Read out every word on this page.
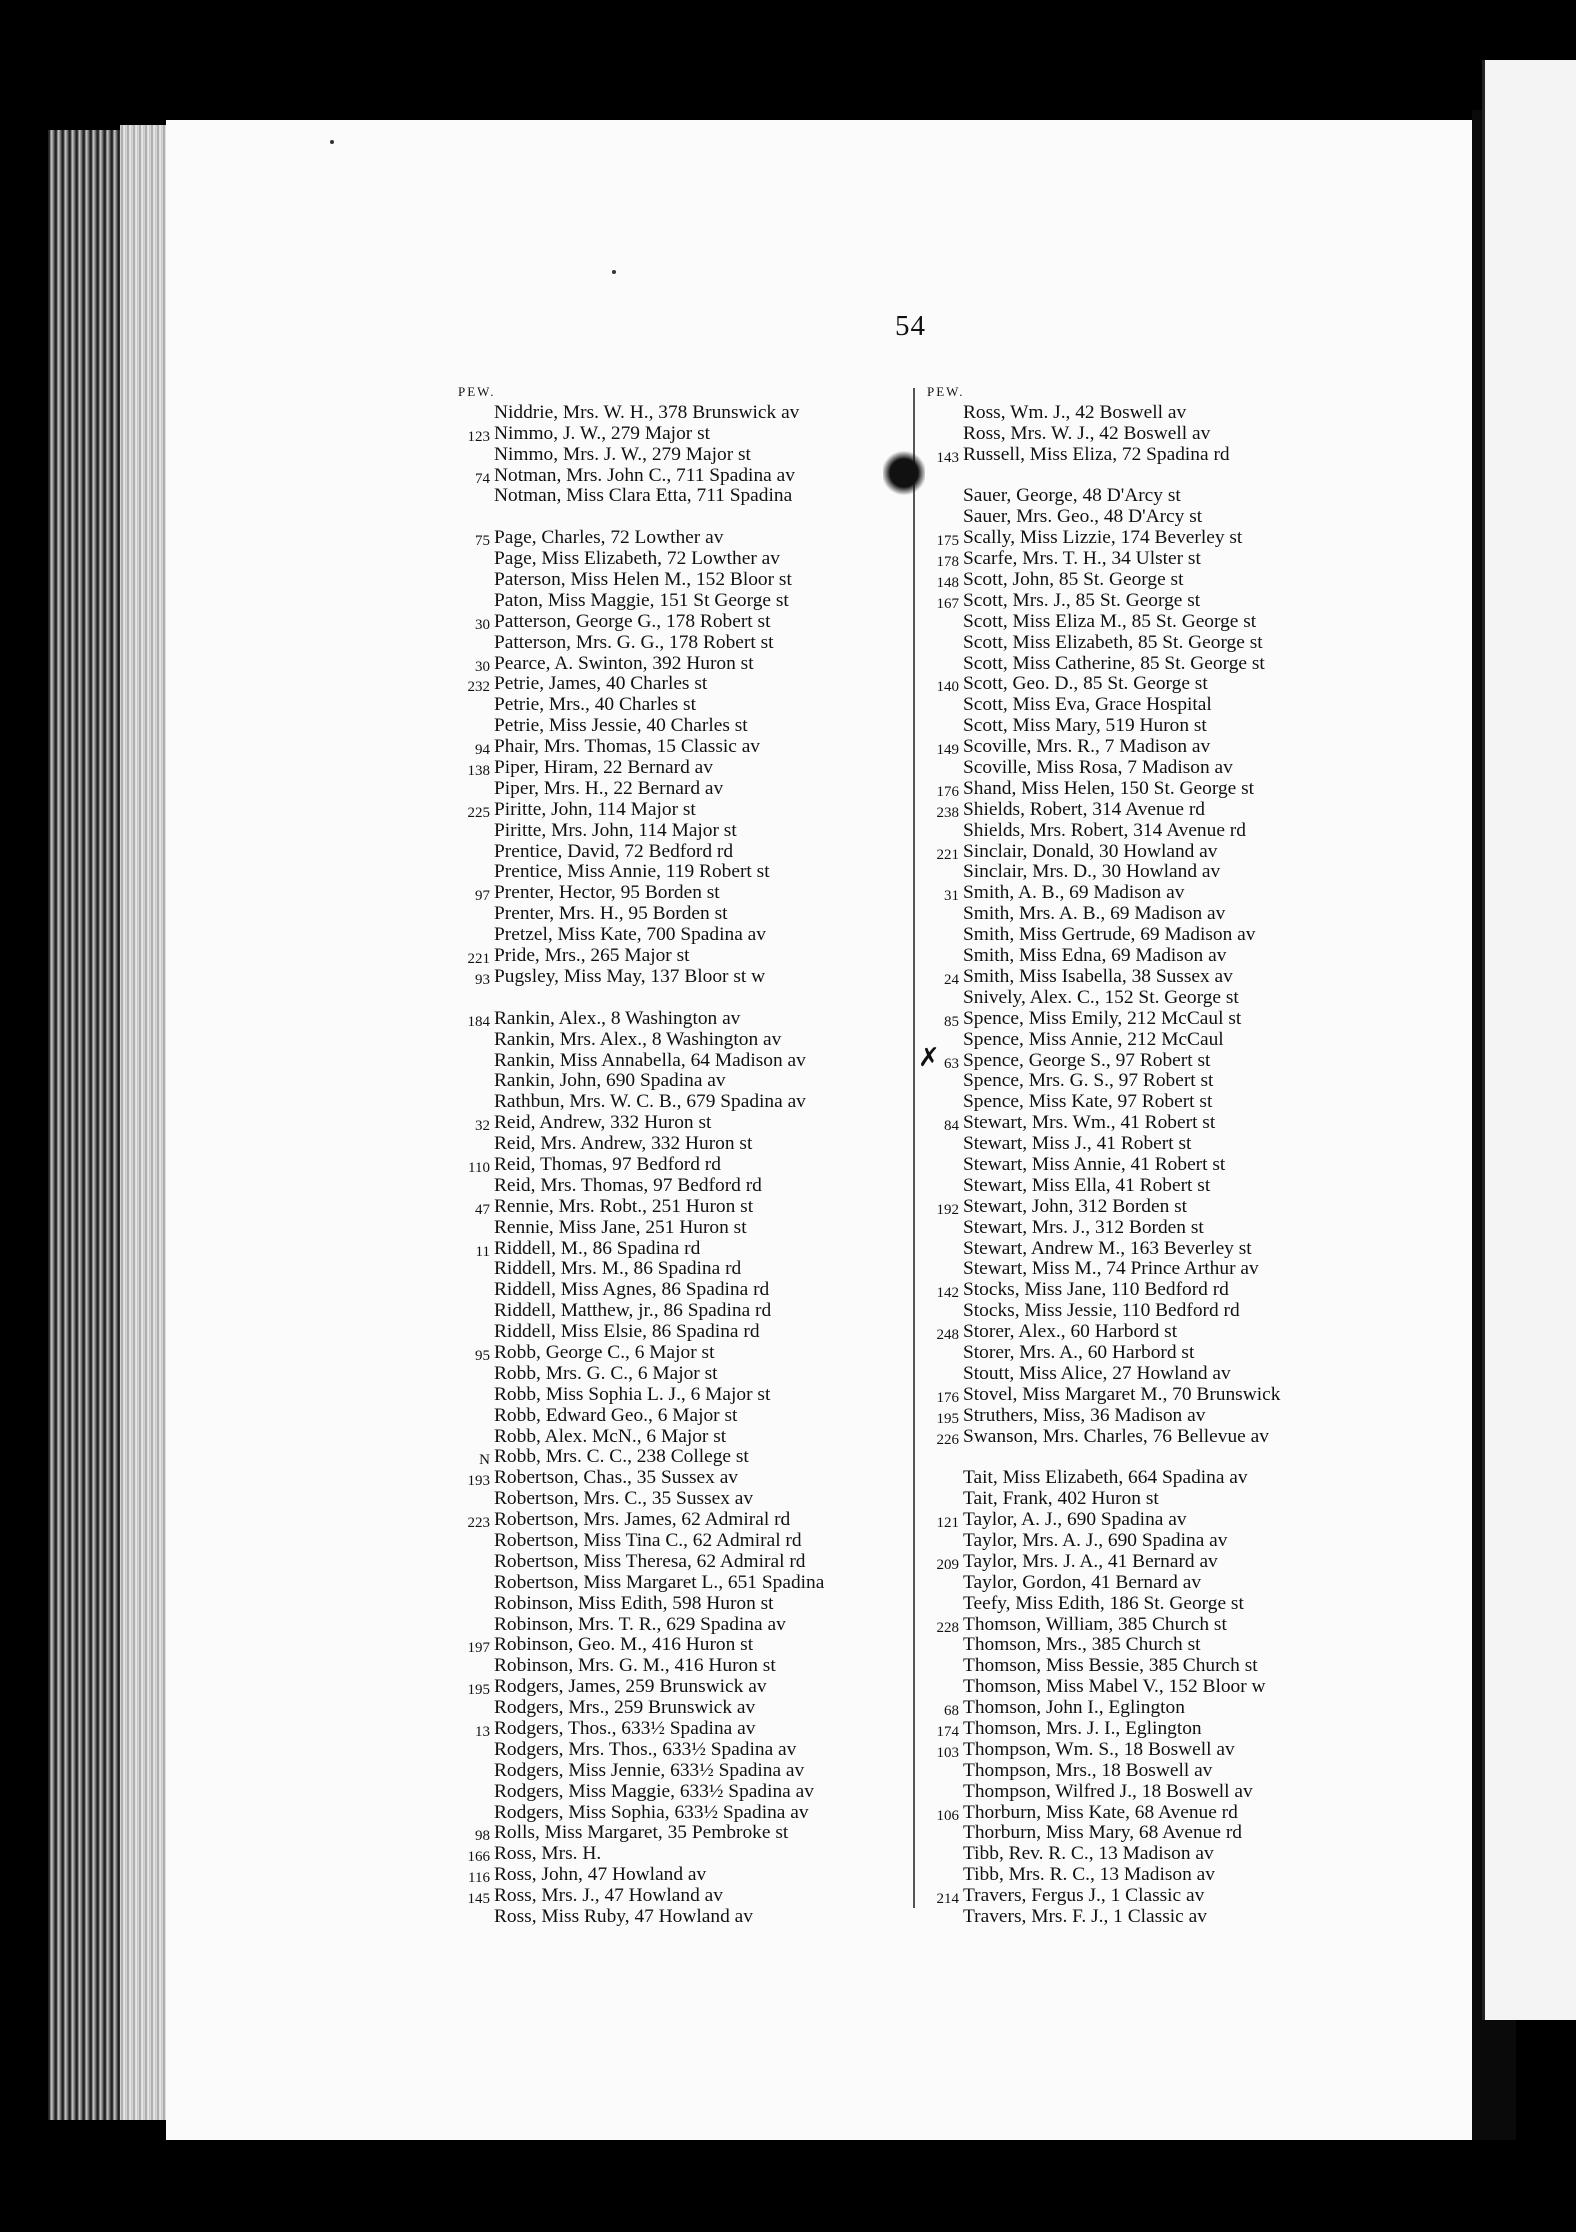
54
✗
PEW.
Niddrie, Mrs. W. H., 378 Brunswick av
123 Nimmo, J. W., 279 Major st
Nimmo, Mrs. J. W., 279 Major st
74 Notman, Mrs. John C., 711 Spadina av
Notman, Miss Clara Etta, 711 Spadina
75 Page, Charles, 72 Lowther av
Page, Miss Elizabeth, 72 Lowther av
Paterson, Miss Helen M., 152 Bloor st
Paton, Miss Maggie, 151 St George st
30 Patterson, George G., 178 Robert st
Patterson, Mrs. G. G., 178 Robert st
30 Pearce, A. Swinton, 392 Huron st
232 Petrie, James, 40 Charles st
Petrie, Mrs., 40 Charles st
Petrie, Miss Jessie, 40 Charles st
94 Phair, Mrs. Thomas, 15 Classic av
138 Piper, Hiram, 22 Bernard av
Piper, Mrs. H., 22 Bernard av
225 Piritte, John, 114 Major st
Piritte, Mrs. John, 114 Major st
Prentice, David, 72 Bedford rd
Prentice, Miss Annie, 119 Robert st
97 Prenter, Hector, 95 Borden st
Prenter, Mrs. H., 95 Borden st
Pretzel, Miss Kate, 700 Spadina av
221 Pride, Mrs., 265 Major st
93 Pugsley, Miss May, 137 Bloor st w
184 Rankin, Alex., 8 Washington av
Rankin, Mrs. Alex., 8 Washington av
Rankin, Miss Annabella, 64 Madison av
Rankin, John, 690 Spadina av
Rathbun, Mrs. W. C. B., 679 Spadina av
32 Reid, Andrew, 332 Huron st
Reid, Mrs. Andrew, 332 Huron st
110 Reid, Thomas, 97 Bedford rd
Reid, Mrs. Thomas, 97 Bedford rd
47 Rennie, Mrs. Robt., 251 Huron st
Rennie, Miss Jane, 251 Huron st
11 Riddell, M., 86 Spadina rd
Riddell, Mrs. M., 86 Spadina rd
Riddell, Miss Agnes, 86 Spadina rd
Riddell, Matthew, jr., 86 Spadina rd
Riddell, Miss Elsie, 86 Spadina rd
95 Robb, George C., 6 Major st
Robb, Mrs. G. C., 6 Major st
Robb, Miss Sophia L. J., 6 Major st
Robb, Edward Geo., 6 Major st
Robb, Alex. McN., 6 Major st
N Robb, Mrs. C. C., 238 College st
193 Robertson, Chas., 35 Sussex av
Robertson, Mrs. C., 35 Sussex av
223 Robertson, Mrs. James, 62 Admiral rd
Robertson, Miss Tina C., 62 Admiral rd
Robertson, Miss Theresa, 62 Admiral rd
Robertson, Miss Margaret L., 651 Spadina
Robinson, Miss Edith, 598 Huron st
Robinson, Mrs. T. R., 629 Spadina av
197 Robinson, Geo. M., 416 Huron st
Robinson, Mrs. G. M., 416 Huron st
195 Rodgers, James, 259 Brunswick av
Rodgers, Mrs., 259 Brunswick av
13 Rodgers, Thos., 633½ Spadina av
Rodgers, Mrs. Thos., 633½ Spadina av
Rodgers, Miss Jennie, 633½ Spadina av
Rodgers, Miss Maggie, 633½ Spadina av
Rodgers, Miss Sophia, 633½ Spadina av
98 Rolls, Miss Margaret, 35 Pembroke st
166 Ross, Mrs. H.
116 Ross, John, 47 Howland av
145 Ross, Mrs. J., 47 Howland av
Ross, Miss Ruby, 47 Howland av
PEW.
Ross, Wm. J., 42 Boswell av
Ross, Mrs. W. J., 42 Boswell av
143 Russell, Miss Eliza, 72 Spadina rd
Sauer, George, 48 D'Arcy st
Sauer, Mrs. Geo., 48 D'Arcy st
175 Scally, Miss Lizzie, 174 Beverley st
178 Scarfe, Mrs. T. H., 34 Ulster st
148 Scott, John, 85 St. George st
167 Scott, Mrs. J., 85 St. George st
Scott, Miss Eliza M., 85 St. George st
Scott, Miss Elizabeth, 85 St. George st
Scott, Miss Catherine, 85 St. George st
140 Scott, Geo. D., 85 St. George st
Scott, Miss Eva, Grace Hospital
Scott, Miss Mary, 519 Huron st
149 Scoville, Mrs. R., 7 Madison av
Scoville, Miss Rosa, 7 Madison av
176 Shand, Miss Helen, 150 St. George st
238 Shields, Robert, 314 Avenue rd
Shields, Mrs. Robert, 314 Avenue rd
221 Sinclair, Donald, 30 Howland av
Sinclair, Mrs. D., 30 Howland av
31 Smith, A. B., 69 Madison av
Smith, Mrs. A. B., 69 Madison av
Smith, Miss Gertrude, 69 Madison av
Smith, Miss Edna, 69 Madison av
24 Smith, Miss Isabella, 38 Sussex av
Snively, Alex. C., 152 St. George st
85 Spence, Miss Emily, 212 McCaul st
Spence, Miss Annie, 212 McCaul
63 Spence, George S., 97 Robert st
Spence, Mrs. G. S., 97 Robert st
Spence, Miss Kate, 97 Robert st
84 Stewart, Mrs. Wm., 41 Robert st
Stewart, Miss J., 41 Robert st
Stewart, Miss Annie, 41 Robert st
Stewart, Miss Ella, 41 Robert st
192 Stewart, John, 312 Borden st
Stewart, Mrs. J., 312 Borden st
Stewart, Andrew M., 163 Beverley st
Stewart, Miss M., 74 Prince Arthur av
142 Stocks, Miss Jane, 110 Bedford rd
Stocks, Miss Jessie, 110 Bedford rd
248 Storer, Alex., 60 Harbord st
Storer, Mrs. A., 60 Harbord st
Stoutt, Miss Alice, 27 Howland av
176 Stovel, Miss Margaret M., 70 Brunswick
195 Struthers, Miss, 36 Madison av
226 Swanson, Mrs. Charles, 76 Bellevue av
Tait, Miss Elizabeth, 664 Spadina av
Tait, Frank, 402 Huron st
121 Taylor, A. J., 690 Spadina av
Taylor, Mrs. A. J., 690 Spadina av
209 Taylor, Mrs. J. A., 41 Bernard av
Taylor, Gordon, 41 Bernard av
Teefy, Miss Edith, 186 St. George st
228 Thomson, William, 385 Church st
Thomson, Mrs., 385 Church st
Thomson, Miss Bessie, 385 Church st
Thomson, Miss Mabel V., 152 Bloor w
68 Thomson, John I., Eglington
174 Thomson, Mrs. J. I., Eglington
103 Thompson, Wm. S., 18 Boswell av
Thompson, Mrs., 18 Boswell av
Thompson, Wilfred J., 18 Boswell av
106 Thorburn, Miss Kate, 68 Avenue rd
Thorburn, Miss Mary, 68 Avenue rd
Tibb, Rev. R. C., 13 Madison av
Tibb, Mrs. R. C., 13 Madison av
214 Travers, Fergus J., 1 Classic av
Travers, Mrs. F. J., 1 Classic av
